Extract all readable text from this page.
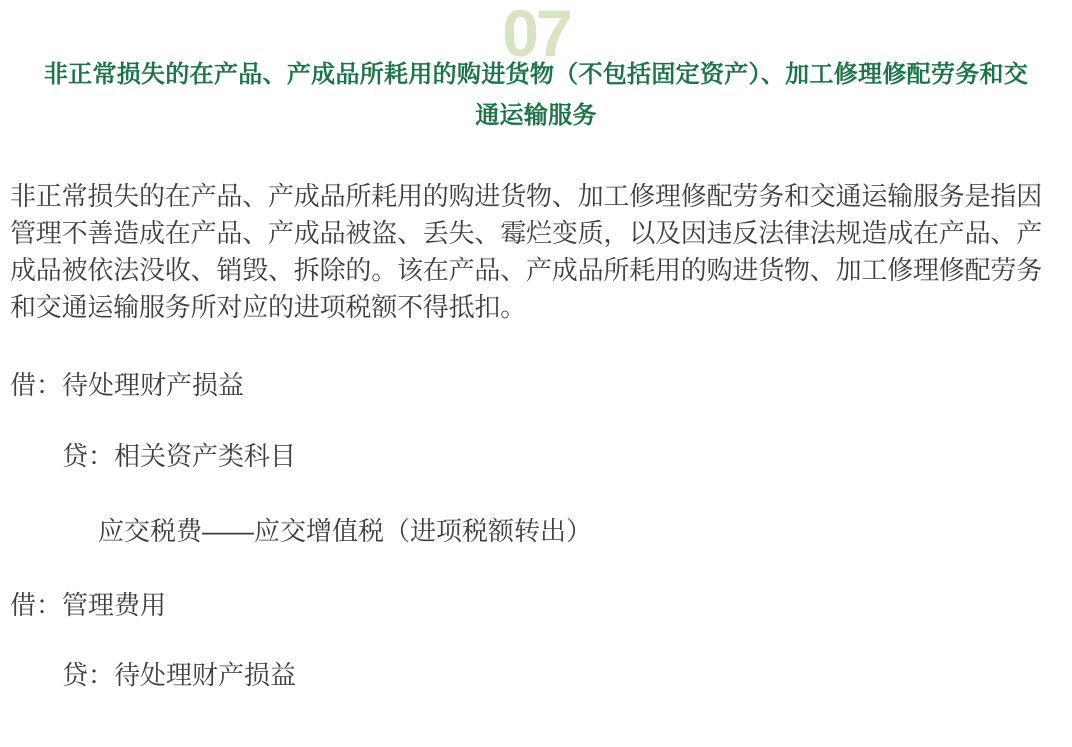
07
非正常损失的在产品、产成品所耗用的购进货物（不包括固定资产）、加工修理修配劳务和交
通运输服务
非正常损失的在产品、产成品所耗用的购进货物、加工修理修配劳务和交通运输服务是指因
管理不善造成在产品、产成品被盗、丢失、霉烂变质，以及因违反法律法规造成在产品、产
成品被依法没收、销毁、拆除的。该在产品、产成品所耗用的购进货物、加工修理修配劳务
和交通运输服务所对应的进项税额不得抵扣。
借：待处理财产损益
贷：相关资产类科目
应交税费——应交增值税（进项税额转出）
借：管理费用
贷：待处理财产损益
